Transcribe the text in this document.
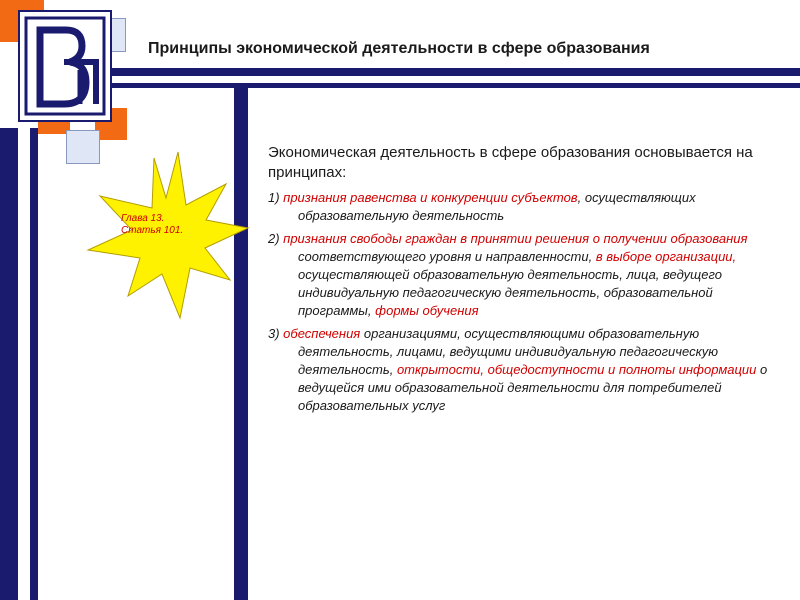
Принципы экономической деятельности в сфере образования
Глава 13.
Статья 101.

Экономическая деятельность в сфере образования основывается на принципах:

1) признания равенства и конкуренции субъектов, осуществляющих образовательную деятельность

2) признания свободы граждан в принятии решения о получении образования соответствующего уровня и направленности, в выборе организации, осуществляющей образовательную деятельность, лица, ведущего индивидуальную педагогическую деятельность, образовательной программы, формы обучения

3) обеспечения организациями, осуществляющими образовательную деятельность, лицами, ведущими индивидуальную педагогическую деятельность, открытости, общедоступности и полноты информации о ведущейся ими образовательной деятельности для потребителей образовательных услуг
